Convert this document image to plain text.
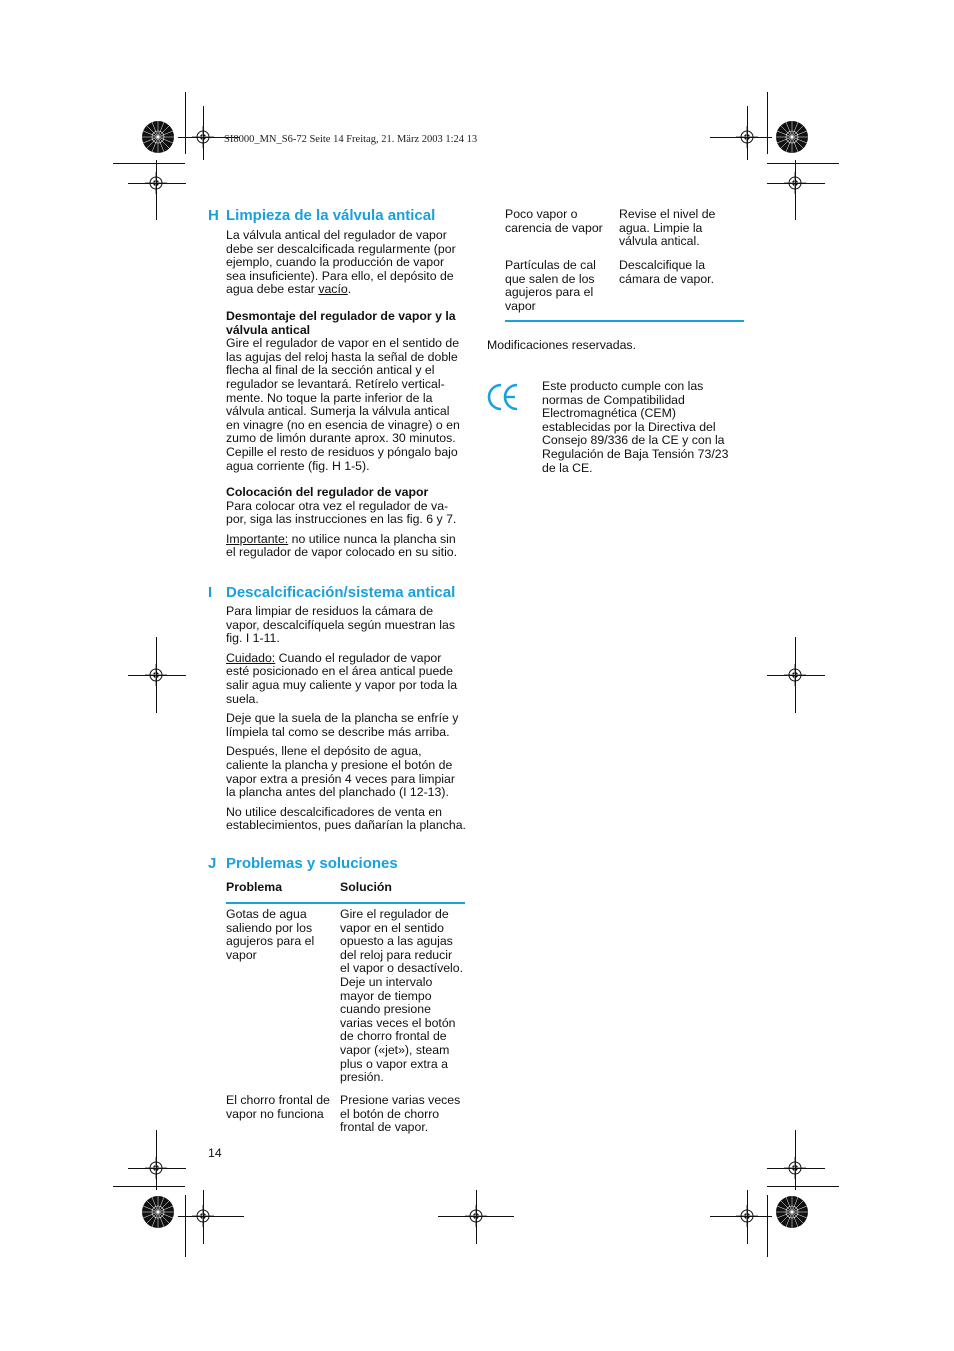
SI8000_MN_S6-72 Seite 14 Freitag, 21. März 2003 1:24 13
H Limpieza de la válvula antical

La válvula antical del regulador de vapor debe ser descalcificada regularmente (por ejemplo, cuando la producción de vapor sea insuficiente). Para ello, el depósito de agua debe estar vacío.

Desmontaje del regulador de vapor y la válvula antical

Gire el regulador de vapor en el sentido de las agujas del reloj hasta la señal de doble flecha al final de la sección antical y el regulador se levantará. Retírelo vertical-mente. No toque la parte inferior de la válvula antical. Sumerja la válvula antical en vinagre (no en esencia de vinagre) o en zumo de limón durante aprox. 30 minutos. Cepille el resto de residuos y póngalo bajo agua corriente (fig. H 1-5).

Colocación del regulador de vapor

Para colocar otra vez el regulador de va-por, siga las instrucciones en las fig. 6 y 7.

Importante: no utilice nunca la plancha sin el regulador de vapor colocado en su sitio.

I Descalcificación/sistema antical

Para limpiar de residuos la cámara de vapor, descalcifíquela según muestran las fig. I 1-11.

Cuidado: Cuando el regulador de vapor esté posicionado en el área antical puede salir agua muy caliente y vapor por toda la suela.

Deje que la suela de la plancha se enfríe y límpiela tal como se describe más arriba.

Después, llene el depósito de agua, caliente la plancha y presione el botón de vapor extra a presión 4 veces para limpiar la plancha antes del planchado (I 12-13).

No utilice descalcificadores de venta en establecimientos, pues dañarían la plancha.

J Problemas y soluciones
Problema	Solución
Gotas de agua saliendo por los agujeros para el vapor
Gire el regulador de vapor en el sentido opuesto a las agujas del reloj para reducir el vapor o desactívelo. Deje un intervalo mayor de tiempo cuando presione varias veces el botón de chorro frontal de vapor («jet»), steam plus o vapor extra a presión.
El chorro frontal de vapor no funciona
Presione varias veces el botón de chorro frontal de vapor.
Poco vapor o carencia de vapor
Revise el nivel de agua. Limpie la válvula antical.
Partículas de cal que salen de los agujeros para el vapor
Descalcifique la cámara de vapor.
Modificaciones reservadas.
Este producto cumple con las normas de Compatibilidad Electromagnética (CEM) establecidas por la Directiva del Consejo 89/336 de la CE y con la Regulación de Baja Tensión 73/23 de la CE.
14
